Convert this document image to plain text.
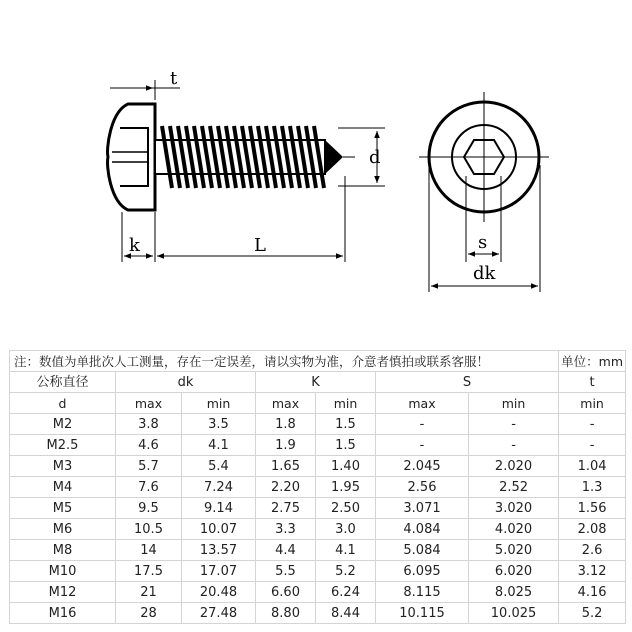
t
d
k	L	s
dk
注：数值为单批次人工测量，存在一定误差，请以实物为准，介意者慎拍或联系客服！							单位：mm
公称直径	dk		K		S		t
d	max	min	max	min	max	min	min
M2	3.8	3.5	1.8	1.5	-	-	-
M2.5	4.6	4.1	1.9	1.5	-	-	-
M3	5.7	5.4	1.65	1.40	2.045	2.020	1.04
M4	7.6	7.24	2.20	1.95	2.56	2.52	1.3
M5	9.5	9.14	2.75	2.50	3.071	3.020	1.56
M6	10.5	10.07	3.3	3.0	4.084	4.020	2.08
M8	14	13.57	4.4	4.1	5.084	5.020	2.6
M10	17.5	17.07	5.5	5.2	6.095	6.020	3.12
M12	21	20.48	6.60	6.24	8.115	8.025	4.16
M16	28	27.48	8.80	8.44	10.115	10.025	5.2
